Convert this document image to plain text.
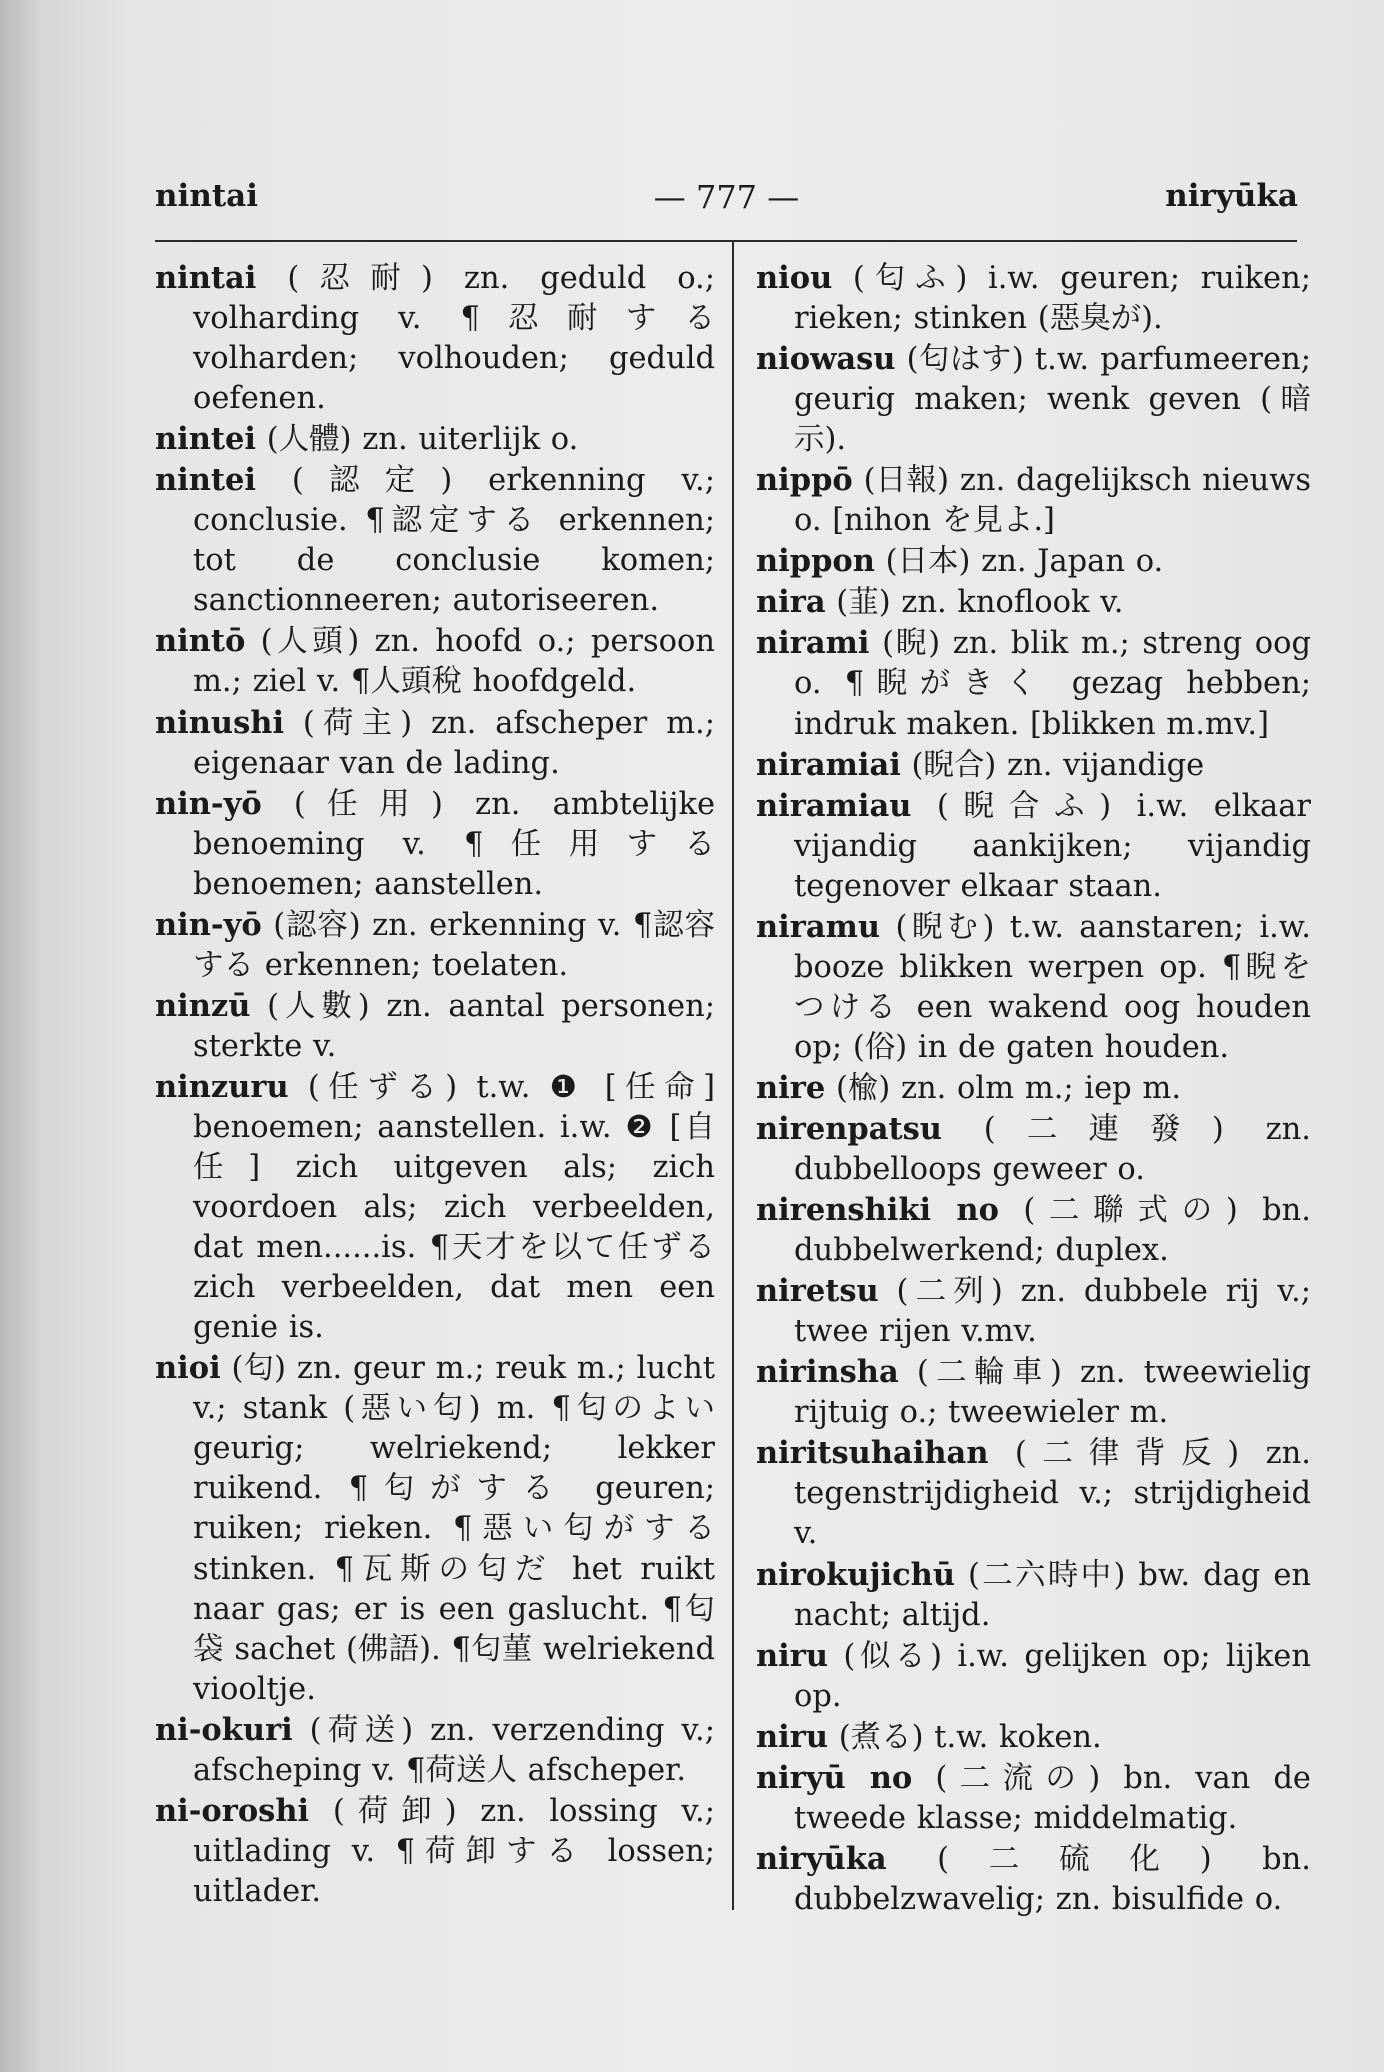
nintai	— 777 —	niryūka

nintai (忍耐) zn. geduld o.; volharding v. ¶忍耐する volharden; volhouden; geduld oefenen.

nintei (人體) zn. uiterlijk o.

nintei (認定) erkenning v.; conclusie. ¶認定する erkennen; tot de conclusie komen; sanctionneeren; autoriseeren.

nintō (人頭) zn. hoofd o.; persoon m.; ziel v. ¶人頭稅 hoofdgeld.

ninushi (荷主) zn. afscheper m.; eigenaar van de lading.

nin-yō (任用) zn. ambtelijke benoeming v. ¶任用する benoemen; aanstellen.

nin-yō (認容) zn. erkenning v. ¶認容する erkennen; toelaten.

ninzū (人數) zn. aantal personen; sterkte v.

ninzuru (任ずる) t.w. ❶ [任命] benoemen; aanstellen. i.w. ❷ [自任] zich uitgeven als; zich voordoen als; zich verbeelden, dat men......is. ¶天才を以て任ずる zich verbeelden, dat men een genie is.

nioi (匂) zn. geur m.; reuk m.; lucht v.; stank (惡い匂) m. ¶匂のよい geurig; welriekend; lekker ruikend. ¶匂がする geuren; ruiken; rieken. ¶惡い匂がする stinken. ¶瓦斯の匂だ het ruikt naar gas; er is een gaslucht. ¶匂袋 sachet (佛語). ¶匂菫 welriekend viooltje.

ni-okuri (荷送) zn. verzending v.; afscheping v. ¶荷送人 afscheper.

ni-oroshi (荷卸) zn. lossing v.; uitlading v. ¶荷卸する lossen; uitlader.

niou (匂ふ) i.w. geuren; ruiken; rieken; stinken (惡臭が).

niowasu (匂はす) t.w. parfumeeren; geurig maken; wenk geven (暗示).

nippō (日報) zn. dagelijksch nieuws o. [nihon を見よ.]

nippon (日本) zn. Japan o.

nira (韮) zn. knoflook v.

nirami (睨) zn. blik m.; streng oog o. ¶睨がきく gezag hebben; indruk maken. [blikken m.mv.]

niramiai (睨合) zn. vijandige

niramiau (睨合ふ) i.w. elkaar vijandig aankijken; vijandig tegenover elkaar staan.

niramu (睨む) t.w. aanstaren; i.w. booze blikken werpen op. ¶睨をつける een wakend oog houden op; (俗) in de gaten houden.

nire (楡) zn. olm m.; iep m.

nirenpatsu (二連發) zn. dubbelloops geweer o.

nirenshiki no (二聯式の) bn. dubbelwerkend; duplex.

niretsu (二列) zn. dubbele rij v.; twee rijen v.mv.

nirinsha (二輪車) zn. tweewielig rijtuig o.; tweewieler m.

niritsuhaihan (二律背反) zn. tegenstrijdigheid v.; strijdigheid v.

nirokujichū (二六時中) bw. dag en nacht; altijd.

niru (似る) i.w. gelijken op; lijken op.

niru (煮る) t.w. koken.

niryū no (二流の) bn. van de tweede klasse; middelmatig.

niryūka (二硫化) bn. dubbelzwavelig; zn. bisulfide o.
